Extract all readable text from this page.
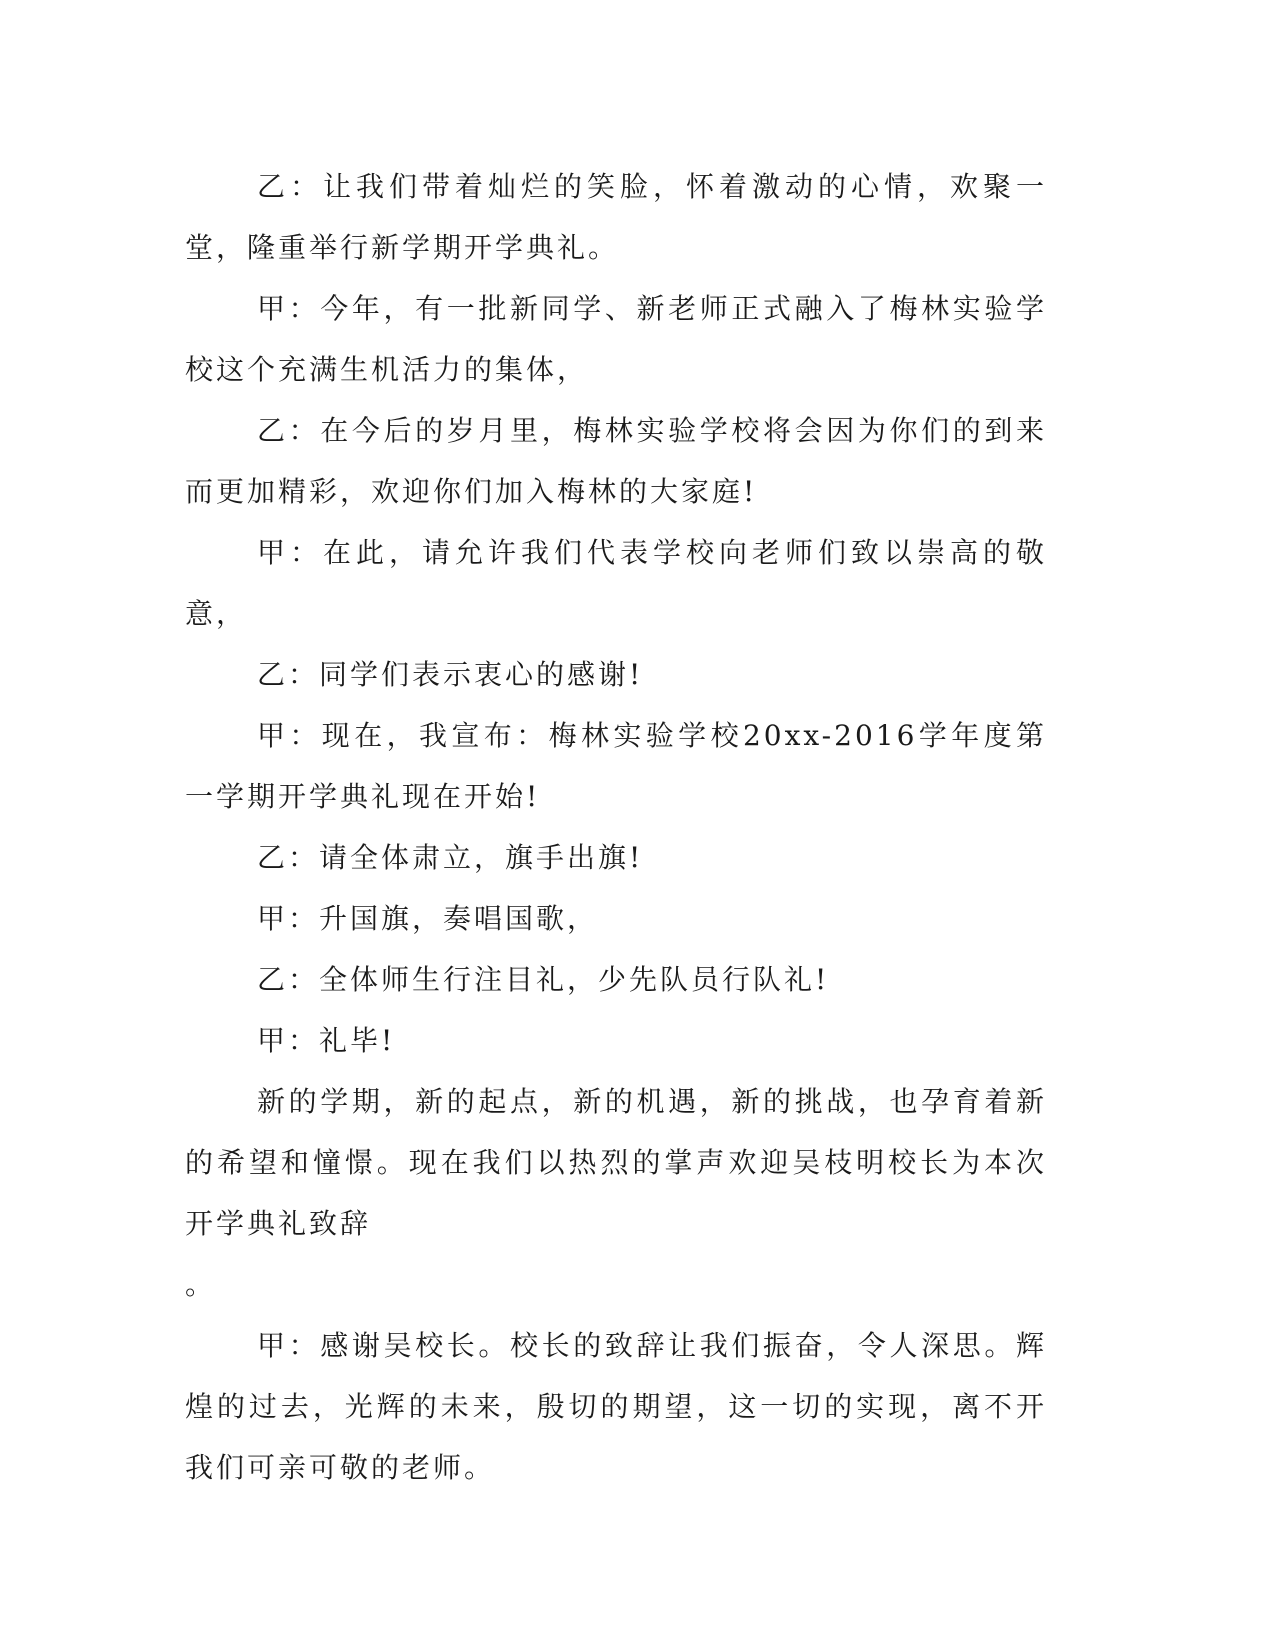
乙：让我们带着灿烂的笑脸，怀着激动的心情，欢聚一堂，隆重举行新学期开学典礼。

甲：今年，有一批新同学、新老师正式融入了梅林实验学校这个充满生机活力的集体，

乙：在今后的岁月里，梅林实验学校将会因为你们的到来而更加精彩，欢迎你们加入梅林的大家庭!

甲：在此，请允许我们代表学校向老师们致以崇高的敬意，

乙：同学们表示衷心的感谢!

甲：现在，我宣布：梅林实验学校20xx-2016学年度第一学期开学典礼现在开始!

乙：请全体肃立，旗手出旗!

甲：升国旗，奏唱国歌，

乙：全体师生行注目礼，少先队员行队礼!

甲：礼毕!

新的学期，新的起点，新的机遇，新的挑战，也孕育着新的希望和憧憬。现在我们以热烈的掌声欢迎吴枝明校长为本次开学典礼致辞

。

甲：感谢吴校长。校长的致辞让我们振奋，令人深思。辉煌的过去，光辉的未来，殷切的期望，这一切的实现，离不开我们可亲可敬的老师。
